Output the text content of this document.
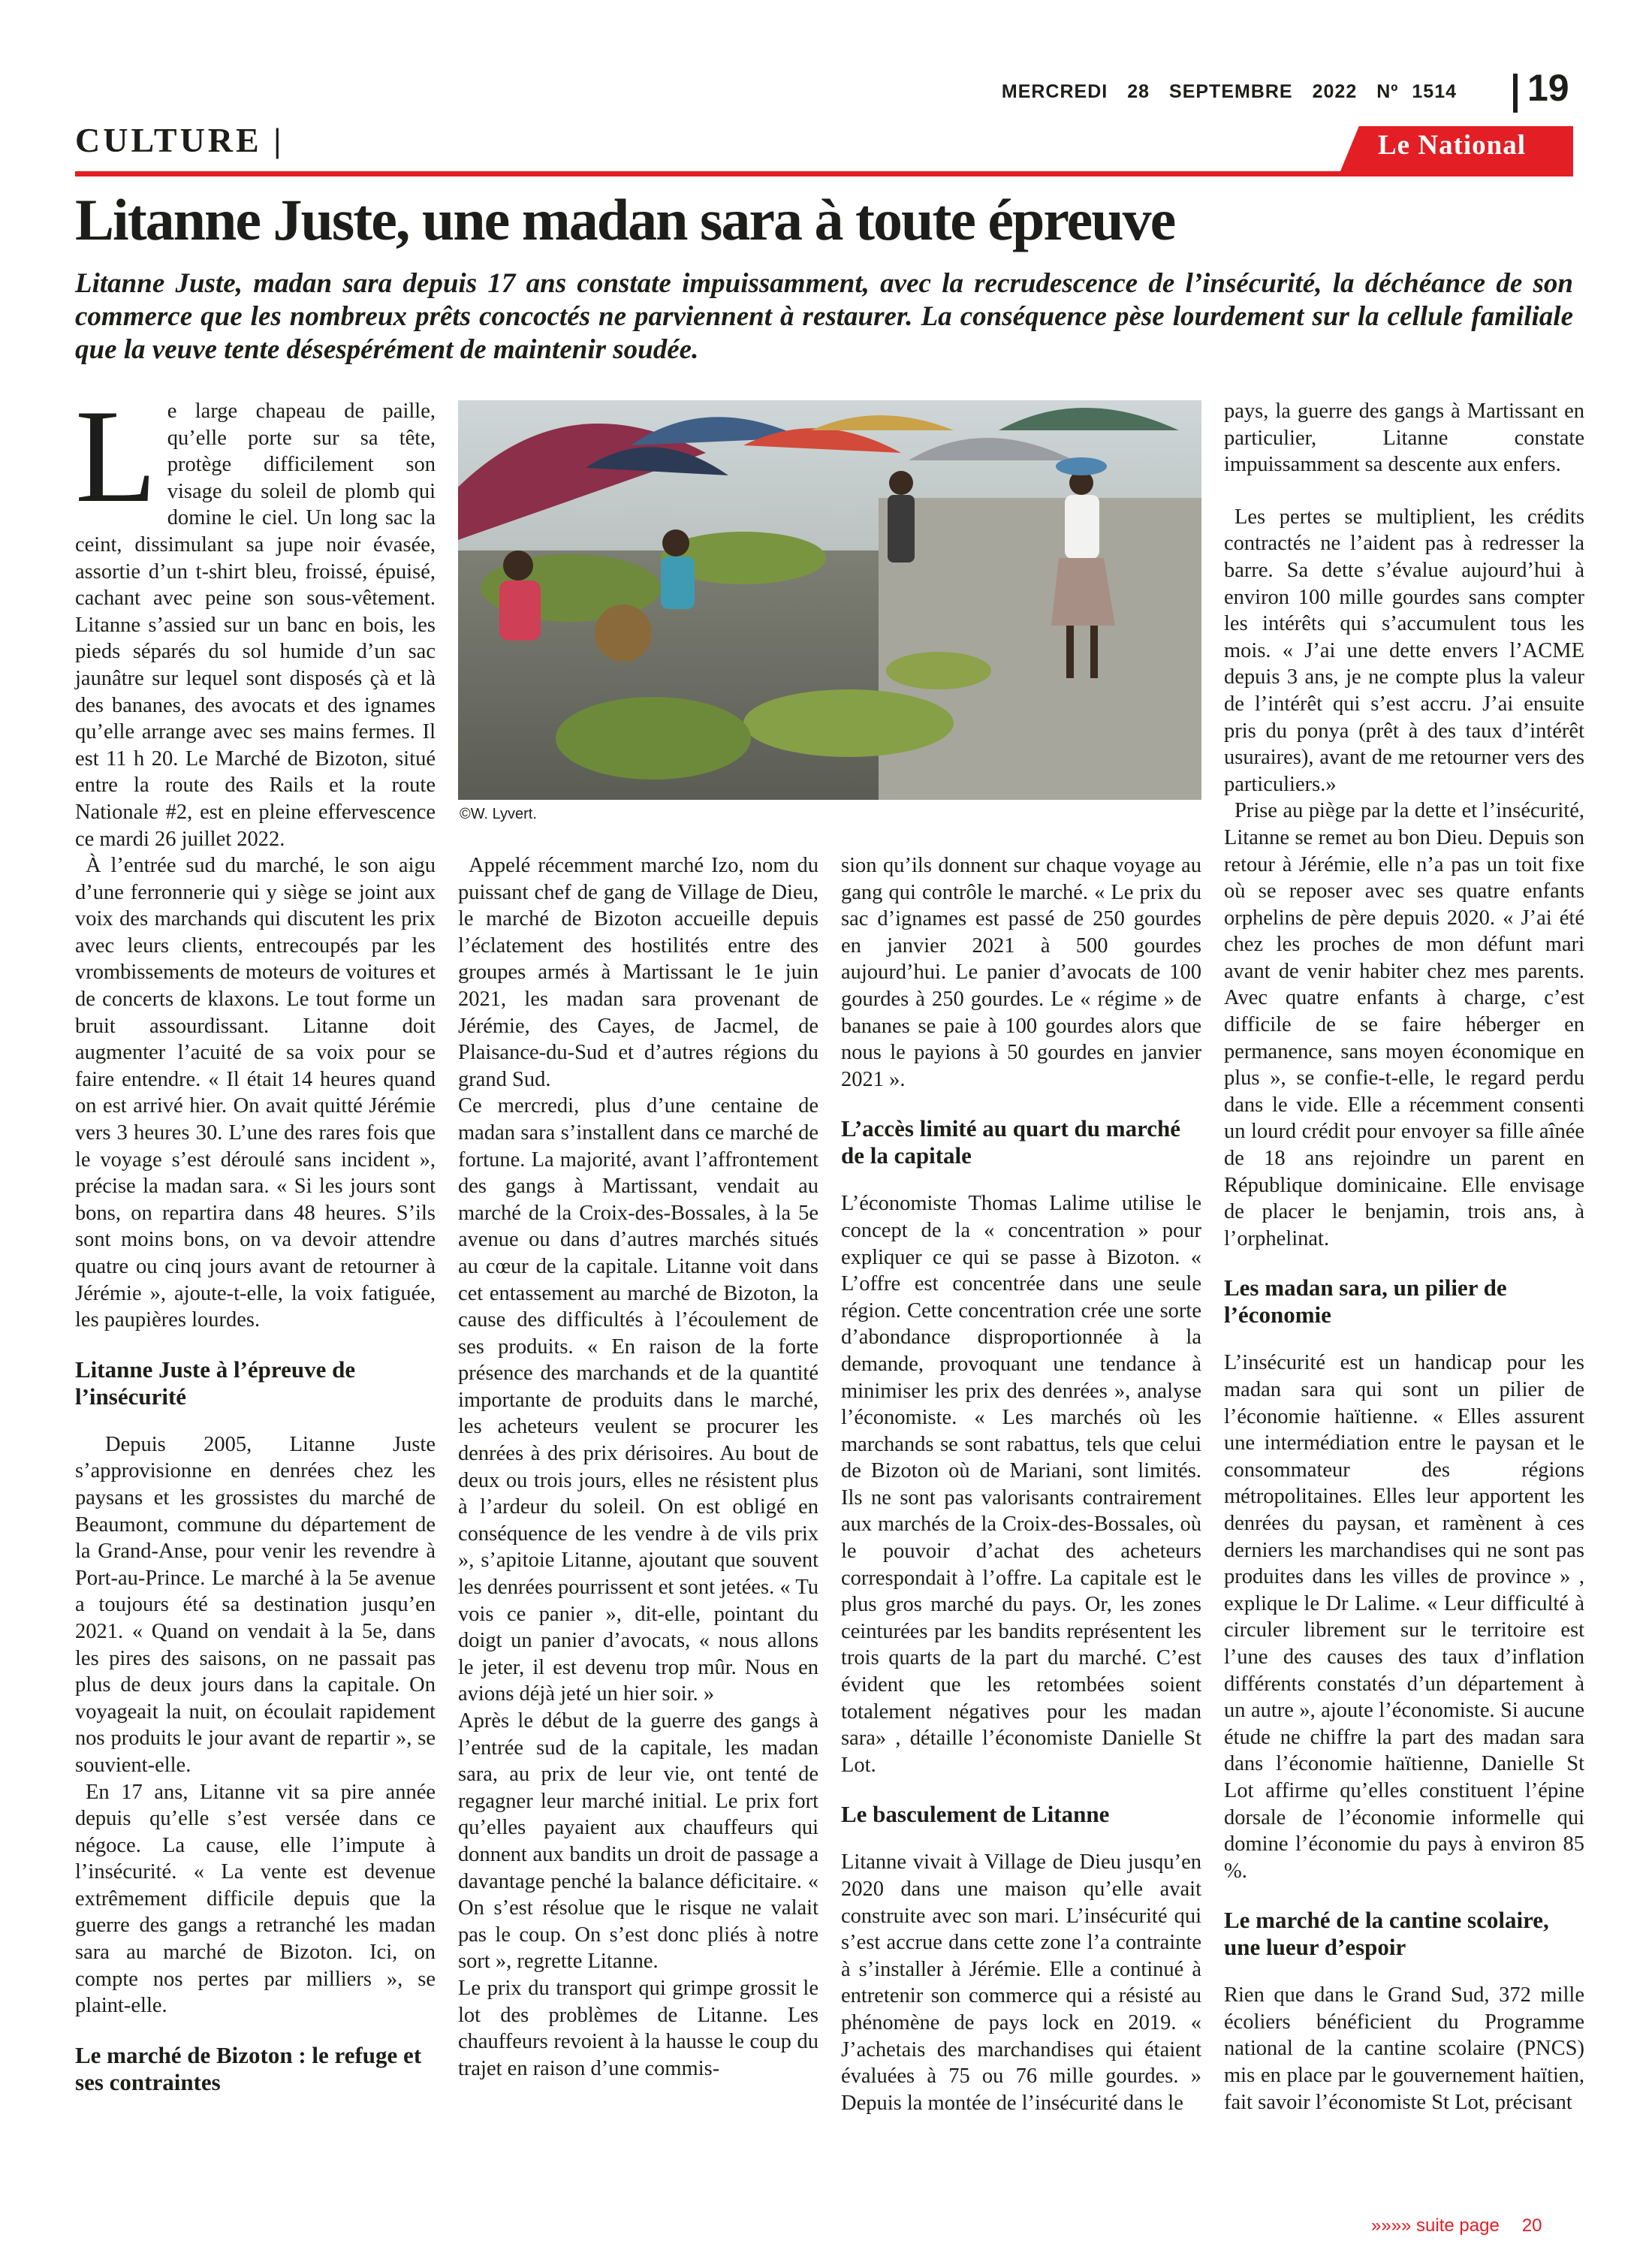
MERCREDI 28 SEPTEMBRE 2022 Nº 1514 19
CULTURE |	Le National
Litanne Juste, une madan sara à toute épreuve
Litanne Juste, madan sara depuis 17 ans constate impuissamment, avec la recrudescence de l’insécurité, la déchéance de son commerce que les nombreux prêts concoctés ne parviennent à restaurer. La conséquence pèse lourdement sur la cellule familiale que la veuve tente désespérément de maintenir soudée.

Le large chapeau de paille, qu’elle porte sur sa tête, protège difficilement son visage du soleil de plomb qui domine le ciel. Un long sac la ceint, dissimulant sa jupe noir évasée, assortie d’un t-shirt bleu, froissé, épuisé, cachant avec peine son sous-vêtement. Litanne s’assied sur un banc en bois, les pieds séparés du sol humide d’un sac jaunâtre sur lequel sont disposés çà et là des bananes, des avocats et des ignames qu’elle arrange avec ses mains fermes. Il est 11 h 20. Le Marché de Bizoton, situé entre la route des Rails et la route Nationale #2, est en pleine effervescence ce mardi 26 juillet 2022.

À l’entrée sud du marché, le son aigu d’une ferronnerie qui y siège se joint aux voix des marchands qui discutent les prix avec leurs clients, entrecoupés par les vrombissements de moteurs de voitures et de concerts de klaxons. Le tout forme un bruit assourdissant. Litanne doit augmenter l’acuité de sa voix pour se faire entendre. « Il était 14 heures quand on est arrivé hier. On avait quitté Jérémie vers 3 heures 30. L’une des rares fois que le voyage s’est déroulé sans incident », précise la madan sara. « Si les jours sont bons, on repartira dans 48 heures. S’ils sont moins bons, on va devoir attendre quatre ou cinq jours avant de retourner à Jérémie », ajoute-t-elle, la voix fatiguée, les paupières lourdes.

Litanne Juste à l’épreuve de l’insécurité

Depuis 2005, Litanne Juste s’approvisionne en denrées chez les paysans et les grossistes du marché de Beaumont, commune du département de la Grand-Anse, pour venir les revendre à Port-au-Prince. Le marché à la 5e avenue a toujours été sa destination jusqu’en 2021. « Quand on vendait à la 5e, dans les pires des saisons, on ne passait pas plus de deux jours dans la capitale. On voyageait la nuit, on écoulait rapidement nos produits le jour avant de repartir », se souvient-elle.

En 17 ans, Litanne vit sa pire année depuis qu’elle s’est versée dans ce négoce. La cause, elle l’impute à l’insécurité. « La vente est devenue extrêmement difficile depuis que la guerre des gangs a retranché les madan sara au marché de Bizoton. Ici, on compte nos pertes par milliers », se plaint-elle.

Le marché de Bizoton : le refuge et ses contraintes

©W. Lyvert.

Appelé récemment marché Izo, nom du puissant chef de gang de Village de Dieu, le marché de Bizoton accueille depuis l’éclatement des hostilités entre des groupes armés à Martissant le 1e juin 2021, les madan sara provenant de Jérémie, des Cayes, de Jacmel, de Plaisance-du-Sud et d’autres régions du grand Sud.

Ce mercredi, plus d’une centaine de madan sara s’installent dans ce marché de fortune. La majorité, avant l’affrontement des gangs à Martissant, vendait au marché de la Croix-des-Bossales, à la 5e avenue ou dans d’autres marchés situés au cœur de la capitale. Litanne voit dans cet entassement au marché de Bizoton, la cause des difficultés à l’écoulement de ses produits. « En raison de la forte présence des marchands et de la quantité importante de produits dans le marché, les acheteurs veulent se procurer les denrées à des prix dérisoires. Au bout de deux ou trois jours, elles ne résistent plus à l’ardeur du soleil. On est obligé en conséquence de les vendre à de vils prix », s’apitoie Litanne, ajoutant que souvent les denrées pourrissent et sont jetées. « Tu vois ce panier », dit-elle, pointant du doigt un panier d’avocats, « nous allons le jeter, il est devenu trop mûr. Nous en avions déjà jeté un hier soir. »

Après le début de la guerre des gangs à l’entrée sud de la capitale, les madan sara, au prix de leur vie, ont tenté de regagner leur marché initial. Le prix fort qu’elles payaient aux chauffeurs qui donnent aux bandits un droit de passage a davantage penché la balance déficitaire. « On s’est résolue que le risque ne valait pas le coup. On s’est donc pliés à notre sort », regrette Litanne.

Le prix du transport qui grimpe grossit le lot des problèmes de Litanne. Les chauffeurs revoient à la hausse le coup du trajet en raison d’une commis-

sion qu’ils donnent sur chaque voyage au gang qui contrôle le marché. « Le prix du sac d’ignames est passé de 250 gourdes en janvier 2021 à 500 gourdes aujourd’hui. Le panier d’avocats de 100 gourdes à 250 gourdes. Le « régime » de bananes se paie à 100 gourdes alors que nous le payions à 50 gourdes en janvier 2021 ».

L’accès limité au quart du marché de la capitale

L’économiste Thomas Lalime utilise le concept de la « concentration » pour expliquer ce qui se passe à Bizoton. « L’offre est concentrée dans une seule région. Cette concentration crée une sorte d’abondance disproportionnée à la demande, provoquant une tendance à minimiser les prix des denrées », analyse l’économiste. « Les marchés où les marchands se sont rabattus, tels que celui de Bizoton où de Mariani, sont limités. Ils ne sont pas valorisants contrairement aux marchés de la Croix-des-Bossales, où le pouvoir d’achat des acheteurs correspondait à l’offre. La capitale est le plus gros marché du pays. Or, les zones ceinturées par les bandits représentent les trois quarts de la part du marché. C’est évident que les retombées soient totalement négatives pour les madan sara» , détaille l’économiste Danielle St Lot.

Le basculement de Litanne

Litanne vivait à Village de Dieu jusqu’en 2020 dans une maison qu’elle avait construite avec son mari. L’insécurité qui s’est accrue dans cette zone l’a contrainte à s’installer à Jérémie. Elle a continué à entretenir son commerce qui a résisté au phénomène de pays lock en 2019. « J’achetais des marchandises qui étaient évaluées à 75 ou 76 mille gourdes. » Depuis la montée de l’insécurité dans le

pays, la guerre des gangs à Martissant en particulier, Litanne constate impuissamment sa descente aux enfers.

Les pertes se multiplient, les crédits contractés ne l’aident pas à redresser la barre. Sa dette s’évalue aujourd’hui à environ 100 mille gourdes sans compter les intérêts qui s’accumulent tous les mois. « J’ai une dette envers l’ACME depuis 3 ans, je ne compte plus la valeur de l’intérêt qui s’est accru. J’ai ensuite pris du ponya (prêt à des taux d’intérêt usuraires), avant de me retourner vers des particuliers.»

Prise au piège par la dette et l’insécurité, Litanne se remet au bon Dieu. Depuis son retour à Jérémie, elle n’a pas un toit fixe où se reposer avec ses quatre enfants orphelins de père depuis 2020. « J’ai été chez les proches de mon défunt mari avant de venir habiter chez mes parents. Avec quatre enfants à charge, c’est difficile de se faire héberger en permanence, sans moyen économique en plus », se confie-t-elle, le regard perdu dans le vide. Elle a récemment consenti un lourd crédit pour envoyer sa fille aînée de 18 ans rejoindre un parent en République dominicaine. Elle envisage de placer le benjamin, trois ans, à l’orphelinat.

Les madan sara, un pilier de l’économie

L’insécurité est un handicap pour les madan sara qui sont un pilier de l’économie haïtienne. « Elles assurent une intermédiation entre le paysan et le consommateur des régions métropolitaines. Elles leur apportent les denrées du paysan, et ramènent à ces derniers les marchandises qui ne sont pas produites dans les villes de province » , explique le Dr Lalime. « Leur difficulté à circuler librement sur le territoire est l’une des causes des taux d’inflation différents constatés d’un département à un autre », ajoute l’économiste. Si aucune étude ne chiffre la part des madan sara dans l’économie haïtienne, Danielle St Lot affirme qu’elles constituent l’épine dorsale de l’économie informelle qui domine l’économie du pays à environ 85 %.

Le marché de la cantine scolaire, une lueur d’espoir

Rien que dans le Grand Sud, 372 mille écoliers bénéficient du Programme national de la cantine scolaire (PNCS) mis en place par le gouvernement haïtien, fait savoir l’économiste St Lot, précisant

»»»» suite page 20
